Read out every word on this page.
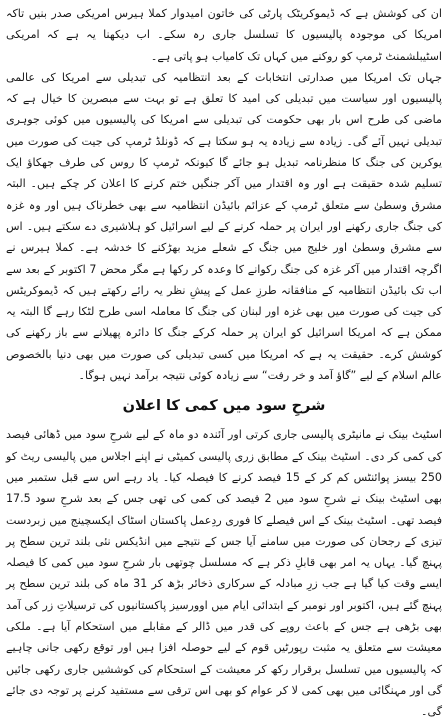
ان کی کوشش ہے کہ ڈیموکریٹک پارٹی کی خاتون امیدوار کملا ہیرس امریکی صدر بنیں تاکہ امریکا کی موجودہ پالیسیوں کا تسلسل جاری رہ سکے۔ اب دیکھنا یہ ہے کہ امریکی اسٹیبلشمنٹ ٹرمپ کو روکنے میں کہاں تک کامیاب ہو پاتی ہے۔

جہاں تک امریکا میں صدارتی انتخابات کے بعد انتظامیہ کی تبدیلی سے امریکا کی عالمی پالیسیوں اور سیاست میں تبدیلی کی امید کا تعلق ہے تو بہت سے مبصرین کا خیال ہے کہ ماضی کی طرح اس بار بھی حکومت کی تبدیلی سے امریکا کی پالیسیوں میں کوئی جوہری تبدیلی نہیں آئے گی۔ زیادہ سے زیادہ یہ ہو سکتا ہے کہ ڈونلڈ ٹرمپ کی جیت کی صورت میں یوکرین کی جنگ کا منظرنامہ تبدیل ہو جائے گا کیونکہ ٹرمپ کا روس کی طرف جھکاؤ ایک تسلیم شدہ حقیقت ہے اور وہ اقتدار میں آکر جنگیں ختم کرنے کا اعلان کر چکے ہیں۔ البتہ مشرق وسطیٰ سے متعلق ٹرمپ کے عزائم بائیڈن انتظامیہ سے بھی خطرناک ہیں اور وہ غزہ کی جنگ جاری رکھنے اور ایران پر حملہ کرنے کے لیے اسرائیل کو ہلاشیری دے سکتے ہیں۔ اس سے مشرق وسطیٰ اور خلیج میں جنگ کے شعلے مزید بھڑکنے کا خدشہ ہے۔ کملا ہیرس نے اگرچہ اقتدار میں آکر غزہ کی جنگ رکوانے کا وعدہ کر رکھا ہے مگر محض 7 اکتوبر کے بعد سے اب تک بائیڈن انتظامیہ کے منافقانہ طرزِ عمل کے پیشِ نظر یہ رائے رکھتے ہیں کہ ڈیموکریٹس کی جیت کی صورت میں بھی غزہ اور لبنان کی جنگ کا معاملہ اسی طرح لٹکا رہے گا البتہ یہ ممکن ہے کہ امریکا اسرائیل کو ایران پر حملہ کرکے جنگ کا دائرہ پھیلانے سے باز رکھنے کی کوشش کرے۔ حقیقت یہ ہے کہ امریکا میں کسی تبدیلی کی صورت میں بھی دنیا بالخصوص عالم اسلام کے لیے ”گاؤ آمد و خر رفت“ سے زیادہ کوئی نتیجہ برآمد نہیں ہوگا۔

شرحِ سود میں کمی کا اعلان

اسٹیٹ بینک نے مانیٹری پالیسی جاری کرتی اور آئندہ دو ماہ کے لیے شرحِ سود میں ڈھائی فیصد کی کمی کر دی۔ اسٹیٹ بینک کے مطابق زری پالیسی کمیٹی نے اپنے اجلاس میں پالیسی ریٹ کو 250 بیسز پوائنٹس کم کر کے 15 فیصد کرنے کا فیصلہ کیا۔ یاد رہے اس سے قبل ستمبر میں بھی اسٹیٹ بینک نے شرحِ سود میں 2 فیصد کی کمی کی تھی جس کے بعد شرحِ سود 17.5 فیصد تھی۔ اسٹیٹ بینک کے اس فیصلے کا فوری ردِعمل پاکستان اسٹاک ایکسچینج میں زبردست تیزی کے رجحان کی صورت میں سامنے آیا جس کے نتیجے میں انڈیکس نئی بلند ترین سطح پر پہنچ گیا۔ یہاں یہ امر بھی قابلِ ذکر ہے کہ مسلسل چوتھی بار شرحِ سود میں کمی کا فیصلہ ایسے وقت کیا گیا ہے جب زرِ مبادلہ کے سرکاری ذخائر بڑھ کر 31 ماہ کی بلند ترین سطح پر پہنچ گئے ہیں، اکتوبر اور نومبر کے ابتدائی ایام میں اوورسیز پاکستانیوں کی ترسیلاتِ زر کی آمد بھی بڑھی ہے جس کے باعث روپے کی قدر میں ڈالر کے مقابلے میں استحکام آیا ہے۔ ملکی معیشت سے متعلق یہ مثبت رپورٹیں قوم کے لیے حوصلہ افزا ہیں اور توقع رکھی جانی چاہیے کہ پالیسیوں میں تسلسل برقرار رکھ کر معیشت کے استحکام کی کوششیں جاری رکھی جائیں گی اور مہنگائی میں بھی کمی لا کر عوام کو بھی اس ترقی سے مستفید کرنے پر توجہ دی جائے گی۔
